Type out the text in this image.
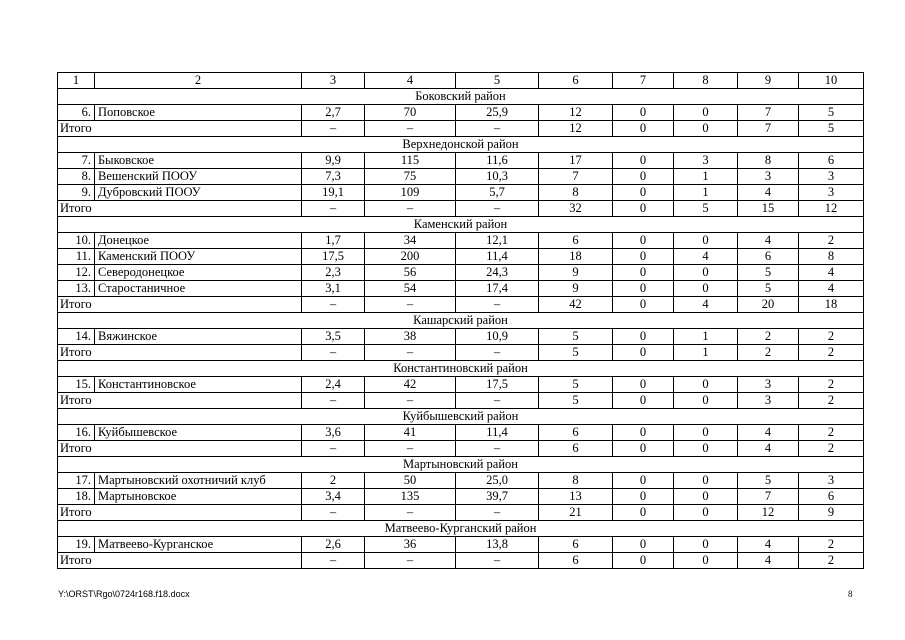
1	2	3	4	5	6	7	8	9	10
Боковский район									
6.	Поповское	2,7	70	25,9	12	0	0	7	5
Итого		–	–	–	12	0	0	7	5
Верхнедонской район									
7.	Быковское	9,9	115	11,6	17	0	3	8	6
8.	Вешенский ПООУ	7,3	75	10,3	7	0	1	3	3
9.	Дубровский ПООУ	19,1	109	5,7	8	0	1	4	3
Итого		–	–	–	32	0	5	15	12
Каменский район									
10.	Донецкое	1,7	34	12,1	6	0	0	4	2
11.	Каменский ПООУ	17,5	200	11,4	18	0	4	6	8
12.	Северодонецкое	2,3	56	24,3	9	0	0	5	4
13.	Старостаничное	3,1	54	17,4	9	0	0	5	4
Итого		–	–	–	42	0	4	20	18
Кашарский район									
14.	Вяжинское	3,5	38	10,9	5	0	1	2	2
Итого		–	–	–	5	0	1	2	2
Константиновский район									
15.	Константиновское	2,4	42	17,5	5	0	0	3	2
Итого		–	–	–	5	0	0	3	2
Куйбышевский район									
16.	Куйбышевское	3,6	41	11,4	6	0	0	4	2
Итого		–	–	–	6	0	0	4	2
Мартыновский район									
17.	Мартыновский охотничий клуб	2	50	25,0	8	0	0	5	3
18.	Мартыновское	3,4	135	39,7	13	0	0	7	6
Итого		–	–	–	21	0	0	12	9
Матвеево-Курганский район									
19.	Матвеево-Курганское	2,6	36	13,8	6	0	0	4	2
Итого		–	–	–	6	0	0	4	2
Y:\ORST\Rgo\0724r168.f18.docx	8
